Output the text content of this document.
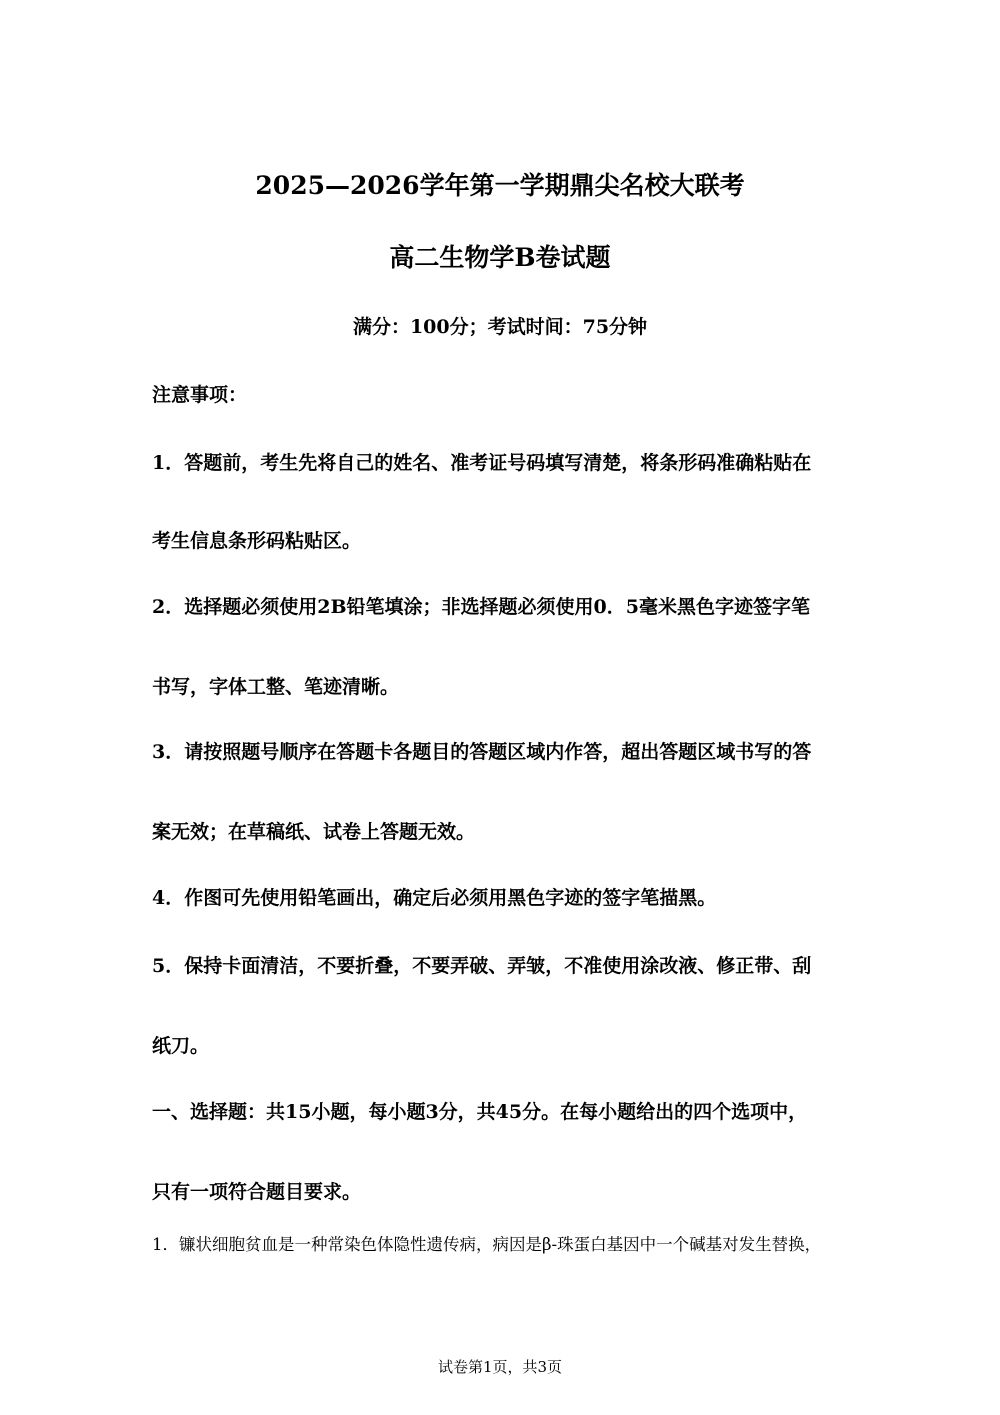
2025—2026学年第一学期鼎尖名校大联考
高二生物学B卷试题
满分：100分；考试时间：75分钟
注意事项：
1．答题前，考生先将自己的姓名、准考证号码填写清楚，将条形码准确粘贴在
考生信息条形码粘贴区。
2．选择题必须使用2B铅笔填涂；非选择题必须使用0．5毫米黑色字迹签字笔
书写，字体工整、笔迹清晰。
3．请按照题号顺序在答题卡各题目的答题区域内作答，超出答题区域书写的答
案无效；在草稿纸、试卷上答题无效。
4．作图可先使用铅笔画出，确定后必须用黑色字迹的签字笔描黑。
5．保持卡面清洁，不要折叠，不要弄破、弄皱，不准使用涂改液、修正带、刮
纸刀。
一、选择题：共15小题，每小题3分，共45分。在每小题给出的四个选项中，
只有一项符合题目要求。
1．镰状细胞贫血是一种常染色体隐性遗传病，病因是β-珠蛋白基因中一个碱基对发生替换，
试卷第1页，共3页
